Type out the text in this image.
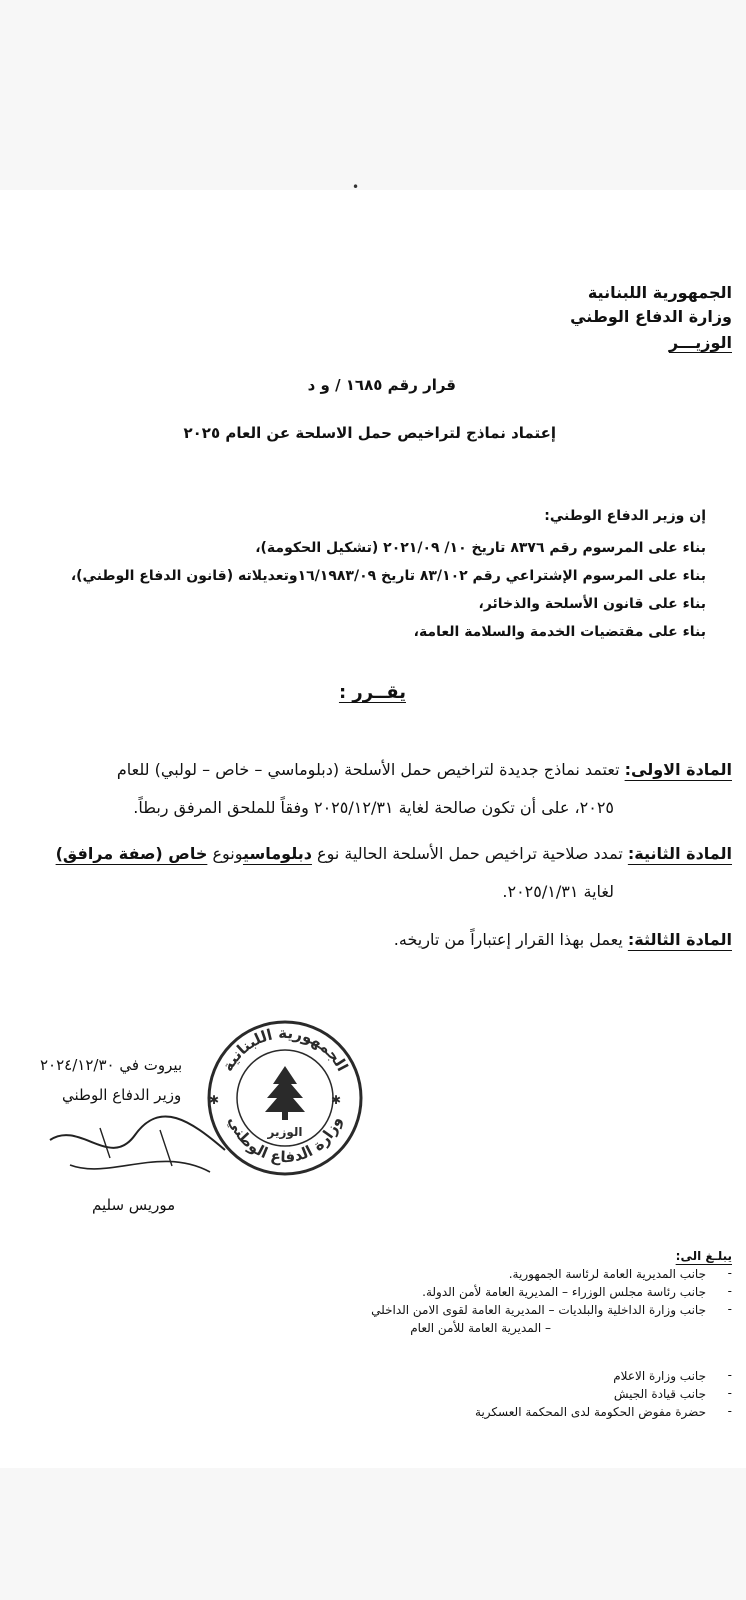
•
الجمهورية اللبنانية
وزارة الدفاع الوطني
الوزيـــر
قرار رقم ١٦٨٥ / و د
إعتماد نماذج لتراخيص حمل الاسلحة عن العام ٢٠٢٥
إن وزير الدفاع الوطني:
بناء على المرسوم رقم ٨٣٧٦ تاريخ ١٠/ ٢٠٢١/٠٩ (تشكيل الحكومة)،
بناء على المرسوم الإشتراعي رقم ٨٣/١٠٢ تاريخ ١٦/١٩٨٣/٠٩وتعديلاته (قانون الدفاع الوطني)،
بناء على قانون الأسلحة والذخائر،
بناء على مقتضيات الخدمة والسلامة العامة،
يقــرر :
المادة الاولى: تعتمد نماذج جديدة لتراخيص حمل الأسلحة (دبلوماسي – خاص – لولبي) للعام
٢٠٢٥، على أن تكون صالحة لغاية ٢٠٢٥/١٢/٣١ وفقاً للملحق المرفق ربطاً.
المادة الثانية: تمدد صلاحية تراخيص حمل الأسلحة الحالية نوع دبلوماسيونوع خاص (صفة مرافق)
لغاية ٢٠٢٥/١/٣١.
المادة الثالثة: يعمل بهذا القرار إعتباراً من تاريخه.
بيروت في ٢٠٢٤/١٢/٣٠
وزير الدفاع الوطني
موريس سليم
الجمهورية اللبنانية
وزارة الدفاع الوطني
الوزير
✱	✱
يبلـغ الى:
جانب المديرية العامة لرئاسة الجمهورية. -
جانب رئاسة مجلس الوزراء – المديرية العامة لأمن الدولة. -
جانب وزارة الداخلية والبلديات – المديرية العامة لقوى الامن الداخلي -
– المديرية العامة للأمن العام
جانب وزارة الاعلام -
جانب قيادة الجيش -
حضرة مفوض الحكومة لدى المحكمة العسكرية -
